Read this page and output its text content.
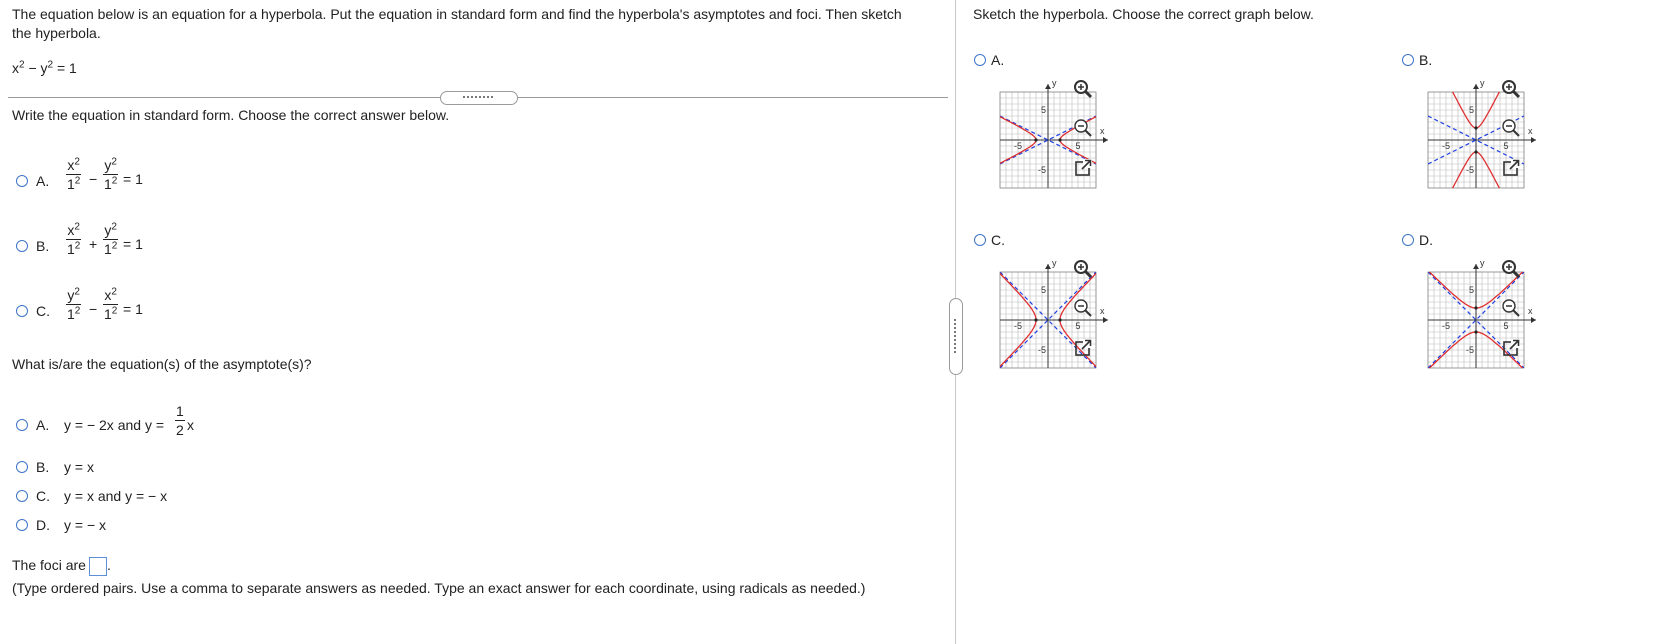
The equation below is an equation for a hyperbola. Put the equation in standard form and find the hyperbola's asymptotes and foci. Then sketch the hyperbola.
$x^2 - y^2 = 1$
Write the equation in standard form. Choose the correct answer below.
A.
$x^2$
$1^2$ −
$y^2$
$1^2 = 1$
B.
$x^2$
$1^2$ +
$y^2$
$1^2 = 1$
C.
$y^2$
$1^2$ −
$x^2$
$1^2 = 1$
What is/are the equation(s) of the asymptote(s)?
A. y = − 2x and y =
1
2 x
B. y = x
C. y = x and y = − x
D. y = − x
The foci are .
(Type ordered pairs. Use a comma to separate answers as needed. Type an exact answer for each coordinate, using radicals as needed.)
Sketch the hyperbola. Choose the correct graph below.
A.
5
-5
-5	5
y
x
B.
5
-5
-5	5
y
x
C.
5
-5
-5	5
y
x
D.
5
-5
-5	5
y
x
